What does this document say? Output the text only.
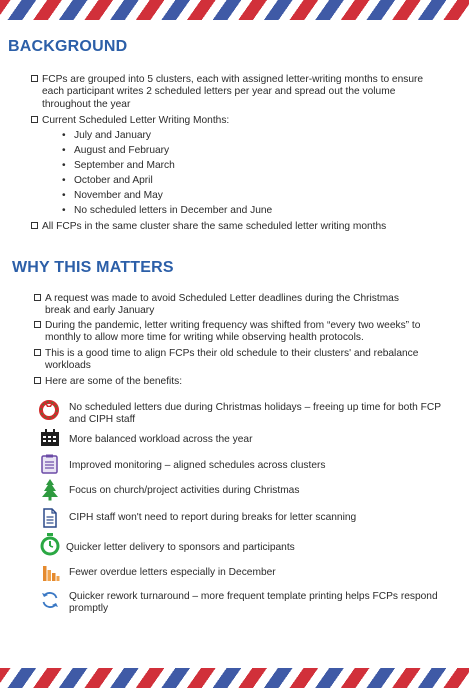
BACKGROUND
FCPs are grouped into 5 clusters, each with assigned letter-writing months to ensure each participant writes 2 scheduled letters per year and spread out the volume throughout the year
Current Scheduled Letter Writing Months:
• July and January
• August and February
• September and March
• October and April
• November and May
• No scheduled letters in December and June
All FCPs in the same cluster share the same scheduled letter writing months
WHY THIS MATTERS
A request was made to avoid Scheduled Letter deadlines during the Christmas break and early January
During the pandemic, letter writing frequency was shifted from “every two weeks” to monthly to allow more time for writing while observing health protocols.
This is a good time to align FCPs their old schedule to their clusters' and rebalance workloads
Here are some of the benefits:
No scheduled letters due during Christmas holidays – freeing up time for both FCP and CIPH staff
More balanced workload across the year
Improved monitoring – aligned schedules across clusters
Focus on church/project activities during Christmas
CIPH staff won't need to report during breaks for letter scanning
Quicker letter delivery to sponsors and participants
Fewer overdue letters especially in December
Quicker rework turnaround – more frequent template printing helps FCPs respond promptly
